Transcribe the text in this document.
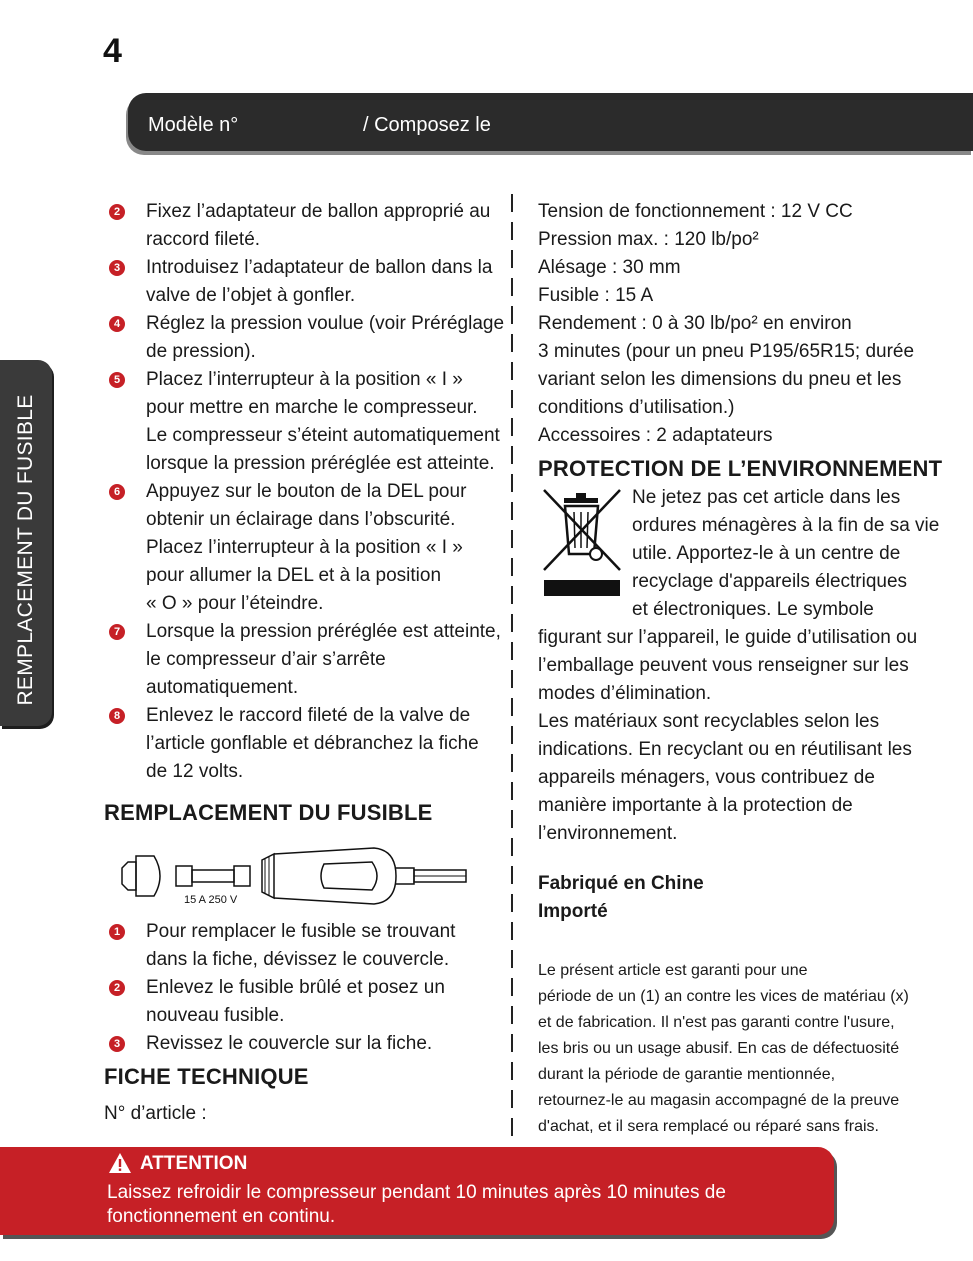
REMPLACEMENT DU FUSIBLE
4
Modèle n°	/ Composez le
2 Fixez l’adaptateur de ballon approprié au
raccord fileté.
3 Introduisez l’adaptateur de ballon dans la
valve de l’objet à gonfler.
4 Réglez la pression voulue (voir Préréglage
de pression).
5 Placez l’interrupteur à la position « I »
pour mettre en marche le compresseur.
Le compresseur s’éteint automatiquement
lorsque la pression préréglée est atteinte.
6 Appuyez sur le bouton de la DEL pour
obtenir un éclairage dans l’obscurité.
Placez l’interrupteur à la position « I »
pour allumer la DEL et à la position
« O » pour l’éteindre.
7 Lorsque la pression préréglée est atteinte,
le compresseur d’air s’arrête
automatiquement.
8 Enlevez le raccord fileté de la valve de
l’article gonflable et débranchez la fiche
de 12 volts.
REMPLACEMENT DU FUSIBLE
15 A 250 V
1 Pour remplacer le fusible se trouvant
dans la fiche, dévissez le couvercle.
2 Enlevez le fusible brûlé et posez un
nouveau fusible.
3 Revissez le couvercle sur la fiche.
FICHE TECHNIQUE
N° d’article :
Tension de fonctionnement : 12 V CC
Pression max. : 120 lb/po²
Alésage : 30 mm
Fusible : 15 A
Rendement : 0 à 30 lb/po² en environ
3 minutes (pour un pneu P195/65R15; durée
variant selon les dimensions du pneu et les
conditions d’utilisation.)
Accessoires : 2 adaptateurs
PROTECTION DE L’ENVIRONNEMENT
Ne jetez pas cet article dans les
ordures ménagères à la fin de sa vie
utile. Apportez-le à un centre de
recyclage d'appareils électriques
et électroniques. Le symbole
figurant sur l’appareil, le guide d’utilisation ou
l’emballage peuvent vous renseigner sur les
modes d’élimination.
Les matériaux sont recyclables selon les
indications. En recyclant ou en réutilisant les
appareils ménagers, vous contribuez de
manière importante à la protection de
l’environnement.
Fabriqué en Chine
Importé
Le présent article est garanti pour une
période de un (1) an contre les vices de matériau (x)
et de fabrication. Il n'est pas garanti contre l'usure,
les bris ou un usage abusif. En cas de défectuosité
durant la période de garantie mentionnée,
retournez-le au magasin accompagné de la preuve
d'achat, et il sera remplacé ou réparé sans frais.
ATTENTION
Laissez refroidir le compresseur pendant 10 minutes après 10 minutes de fonctionnement en continu.
